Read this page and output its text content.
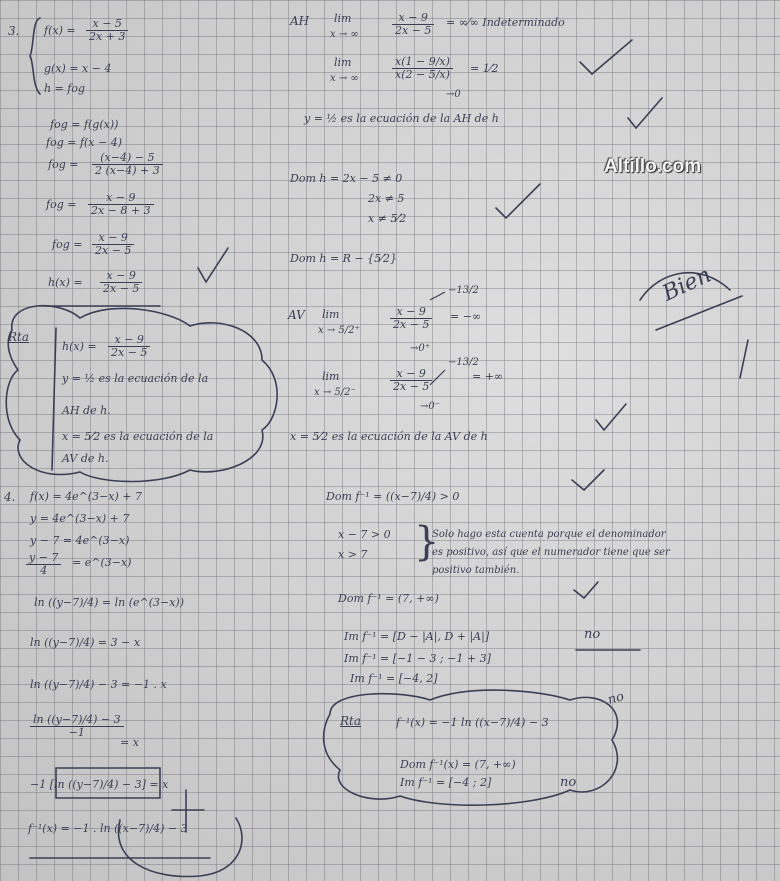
Altillo.com
3. $f(x) = \frac{x - 5}{2x + 3}$
g(x) = x − 4
h = fog
fog = f(g(x))
fog = f(x − 4)
fog = $\frac{(x-4) - 5}{2 (x-4) + 3}$
fog = $\frac{x - 9}{2x - 8 + 3}$
fog = $\frac{x - 9}{2x - 5}$
$h(x) = \frac{x - 9}{2x - 5}$
Rta
$h(x) = \frac{x - 9}{2x - 5}$
y = ½ es la ecuación de la
AH de h.
x = 5⁄2 es la ecuación de la
AV de h.
AH lim
x → ∞	$\frac{x - 9}{2x - 5}$ = ∞⁄∞ Indeterminado
lim
x → ∞	$\frac{x(1 - 9/x)}{x(2 - 5/x)}$ = 1⁄2
→0
y = ½ es la ecuación de la AH de h
Dom h = 2x − 5 ≠ 0
2x ≠ 5
x ≠ 5⁄2
Dom h = R − {5⁄2}
AV lim
x → 5/2⁺
−13/2
$\frac{x - 9}{2x - 5}$
→0⁺
= −∞
lim
x → 5/2⁻
−13/2
$\frac{x - 9}{2x - 5}$
→0⁻
= +∞
x = 5⁄2 es la ecuación de la AV de h
Bien
4. f(x) = 4e^(3−x) + 7
y = 4e^(3−x) + 7
y − 7 = 4e^(3−x)
$\frac{y - 7}{4}$ = e^(3−x)
ln ((y−7)/4) = ln (e^(3−x))
ln ((y−7)/4) = 3 − x
ln ((y−7)/4) − 3 = −1 . x
$\frac{\ln ((y-7)/4) - 3}{-1}$
= x
−1 [ln ((y−7)/4) − 3] = x
f⁻¹(x) = −1 . ln ((x−7)/4) − 3
Dom f⁻¹ = ((x−7)/4) > 0
x − 7 > 0
x > 7 }
Solo hago esta cuenta porque el denominador
es positivo, así que el numerador tiene que ser
positivo también.
Dom f⁻¹ = (7, +∞)
Im f⁻¹ = [D − |A|, D + |A|]	no
Im f⁻¹ = [−1 − 3 ; −1 + 3]
Im f⁻¹ = [−4, 2]
Rta	f⁻¹(x) = −1 ln ((x−7)/4) − 3
no
Dom f⁻¹(x) = (7, +∞)
Im f⁻¹ = [−4 ; 2]	no
